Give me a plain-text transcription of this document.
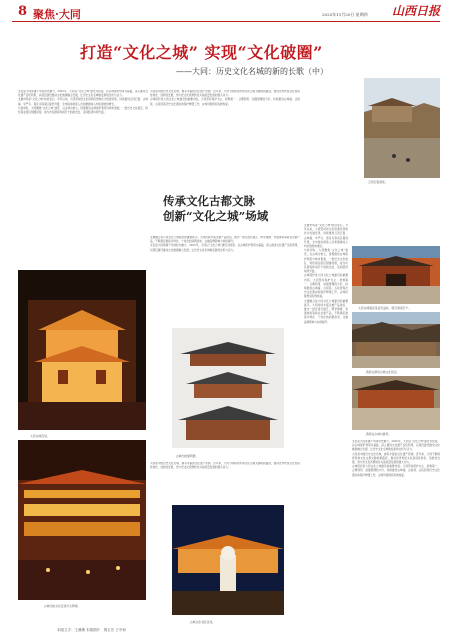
8 聚焦·大同	2025年11月20日 星期四 山西日报
打造“文化之城” 实现“文化破圈”
——大同：历史文化名城的新的长歌（中）

文化是大同穿越千年的时光魅力，2025年，大同以“文化之城”建设为统领，以古城保护利用为基础，深入推进文化遗产活化利用，以项目建设推动文化旅游融合发展，让历史文化名城焕发新的生机与活力。

文旅市场是“文化之城”的试金石。今年以来，大同坚持把文化资源优势转化为发展优势，持续推进云冈石窟、古城墙、华严寺、善化寺等景区提档升级，全市接待游客人次和旅游收入均实现较快增长。

与此同时，大同聚焦“文化之城”建设，以古城为核心，统筹推进古城保护利用与城市更新，一批历史文化街区、特色商业街区相继亮相，成为市民游客休闲打卡的新去处，夜间经济持续升温。

大同是中国历史文化名城，拥有丰富的文化遗产资源。近年来，大同不断探索传承文化古都文脉的新路径，推动优秀传统文化创造性转化、创新性发展，努力把文化资源转化为高质量发展的强大动力。

古城保护是大同文化之城建设的重要内容。大同坚持保护为主、抢救第一、合理利用、加强管理的方针，持续推进古城墙、古街巷、古民居等历史文化遗存的保护修缮工作，古城风貌得到有效恢复。

云冈石窟游客。
传承文化古都文脉
创新“文化之城”场域
大同古城夜景。
古城内的文化夜景灯火辉煌。

文旅融合是大同文化之城建设的重要抓手。大同持续丰富文旅产品供给，推出一批沉浸式演艺、研学旅游、非遗体验等新业态新产品，不断满足游客多样化、个性化的消费需求，文旅品牌影响力持续提升。

文化是大同穿越千年的时光魅力，2025年，大同以“文化之城”建设为统领，以古城保护利用为基础，深入推进文化遗产活化利用，以项目建设推动文化旅游融合发展，让历史文化名城焕发新的生机与活力。

古城内的建筑群。

大同是中国历史文化名城，拥有丰富的文化遗产资源。近年来，大同不断探索传承文化古都文脉的新路径，推动优秀传统文化创造性转化、创新性发展，努力把文化资源转化为高质量发展的强大动力。

古城文化景区夜景。
大同古城墙夜景流光溢彩，吸引游客打卡。
游客在游玩古城文化街区。
游客在古城内游览。

文旅市场是“文化之城”的试金石。今年以来，大同坚持把文化资源优势转化为发展优势，持续推进云冈石窟、古城墙、华严寺、善化寺等景区提档升级，全市接待游客人次和旅游收入均实现较快增长。

与此同时，大同聚焦“文化之城”建设，以古城为核心，统筹推进古城保护利用与城市更新，一批历史文化街区、特色商业街区相继亮相，成为市民游客休闲打卡的新去处，夜间经济持续升温。

古城保护是大同文化之城建设的重要内容。大同坚持保护为主、抢救第一、合理利用、加强管理的方针，持续推进古城墙、古街巷、古民居等历史文化遗存的保护修缮工作，古城风貌得到有效恢复。

文旅融合是大同文化之城建设的重要抓手。大同持续丰富文旅产品供给，推出一批沉浸式演艺、研学旅游、非遗体验等新业态新产品，不断满足游客多样化、个性化的消费需求，文旅品牌影响力持续提升。

文化是大同穿越千年的时光魅力，2025年，大同以“文化之城”建设为统领，以古城保护利用为基础，深入推进文化遗产活化利用，以项目建设推动文化旅游融合发展，让历史文化名城焕发新的生机与活力。

大同是中国历史文化名城，拥有丰富的文化遗产资源。近年来，大同不断探索传承文化古都文脉的新路径，推动优秀传统文化创造性转化、创新性发展，努力把文化资源转化为高质量发展的强大动力。

古城保护是大同文化之城建设的重要内容。大同坚持保护为主、抢救第一、合理利用、加强管理的方针，持续推进古城墙、古街巷、古民居等历史文化遗存的保护修缮工作，古城风貌得到有效恢复。

本版文字：王澳澳 本版图片：胡玉芳 王中和
